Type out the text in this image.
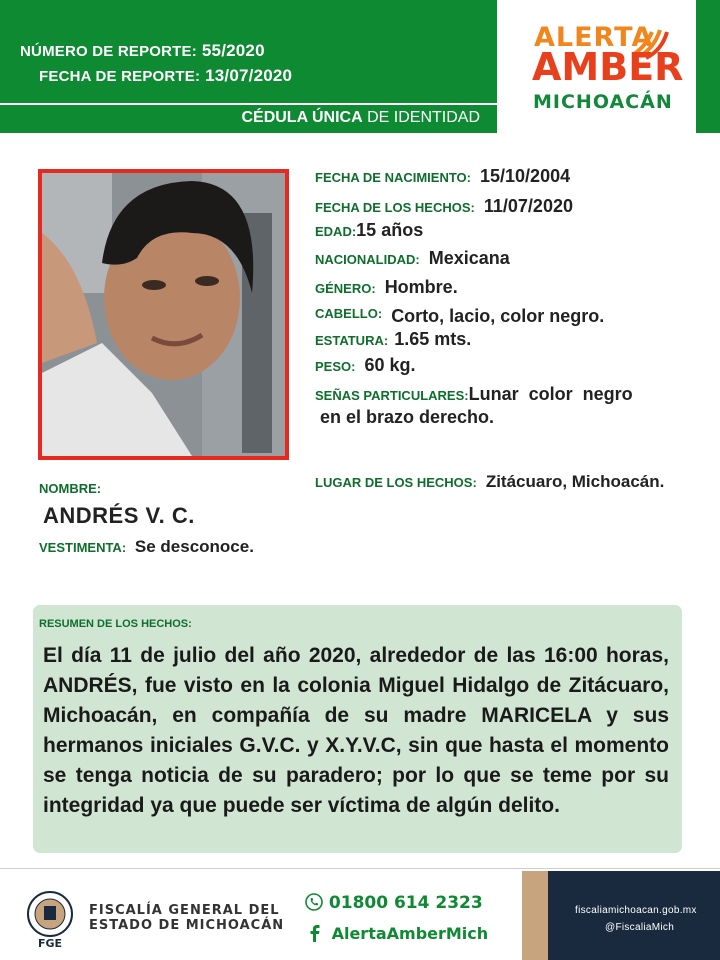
NÚMERO DE REPORTE: 55/2020
FECHA DE REPORTE: 13/07/2020
CÉDULA ÚNICA DE IDENTIDAD
ALERTA
AMBER
MICHOACÁN
FECHA DE NACIMIENTO: 15/10/2004
FECHA DE LOS HECHOS: 11/07/2020
EDAD:15 años
NACIONALIDAD: Mexicana
GÉNERO: Hombre.
$^{CABELLO:}$ Corto, lacio, color negro.
ESTATURA: 1.65 mts.
PESO: 60 kg.
SEÑAS PARTICULARES:Lunar  color  negro
en el brazo derecho.
LUGAR DE LOS HECHOS: Zitácuaro, Michoacán.
NOMBRE:
ANDRÉS V. C.
VESTIMENTA: Se desconoce.
RESUMEN DE LOS HECHOS:
El día 11 de julio del año 2020, alrededor de las 16:00 horas, ANDRÉS, fue visto en la colonia Miguel Hidalgo de Zitácuaro, Michoacán, en compañía de su madre MARICELA y sus hermanos iniciales G.V.C. y X.Y.V.C, sin que hasta el momento se tenga noticia de su paradero; por lo que se teme por su integridad ya que puede ser víctima de algún delito.
FGE
FISCALÍA GENERAL DEL
ESTADO DE MICHOACÁN
01800 614 2323
AlertaAmberMich
fiscaliamichoacan.gob.mx
@FiscaliaMich
